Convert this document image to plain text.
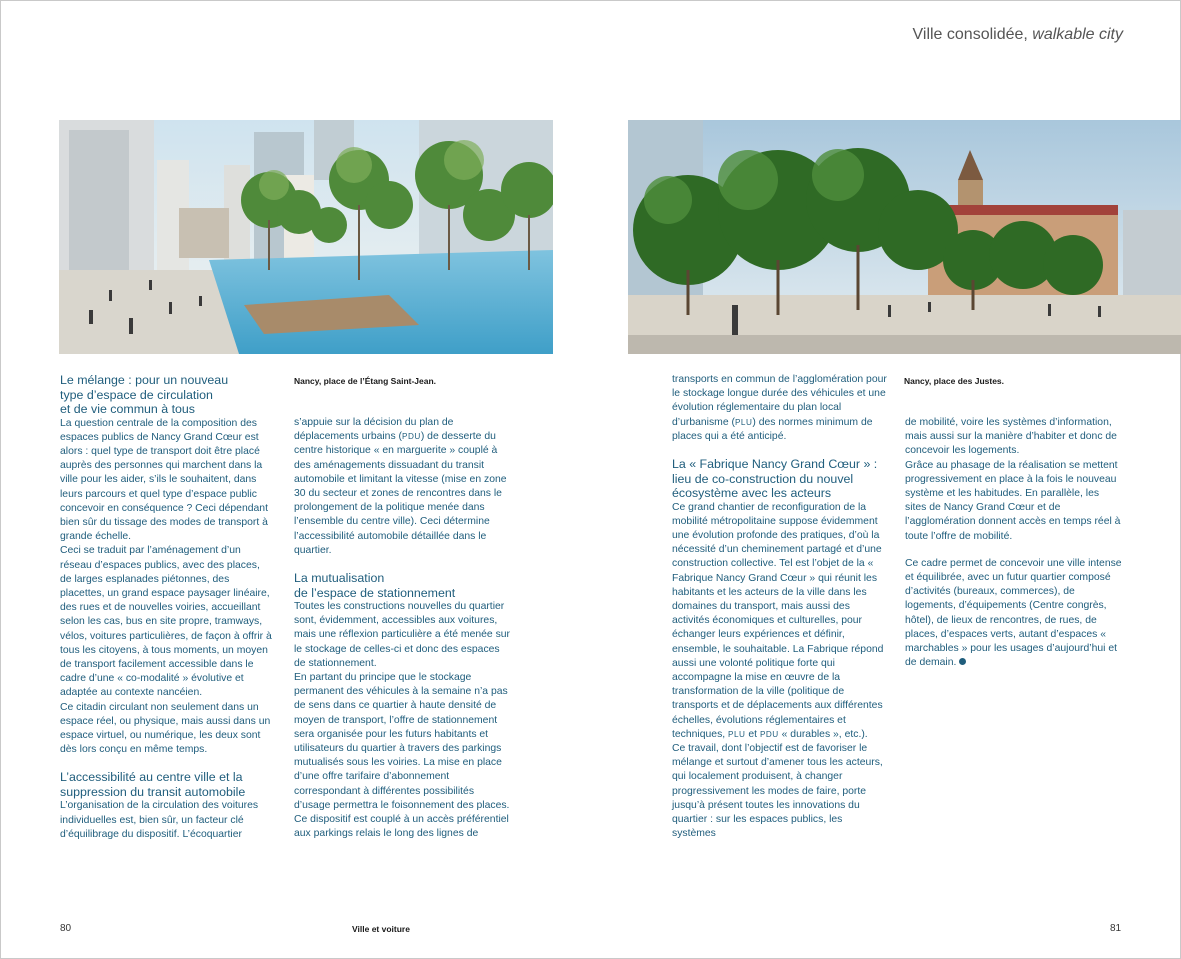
Ville consolidée, walkable city
Nancy, place de l’Étang Saint-Jean.	Nancy, place des Justes.
Le mélange : pour un nouveau
type d’espace de circulation
et de vie commun à tous

La question centrale de la composition des espaces publics de Nancy Grand Cœur est alors : quel type de transport doit être placé auprès des personnes qui marchent dans la ville pour les aider, s’ils le souhaitent, dans leurs parcours et quel type d’espace public concevoir en conséquence ? Ceci dépendant bien sûr du tissage des modes de transport à grande échelle.

Ceci se traduit par l’aménagement d’un réseau d’espaces publics, avec des places, de larges esplanades piétonnes, des placettes, un grand espace paysager linéaire, des rues et de nouvelles voiries, accueillant selon les cas, bus en site propre, tramways, vélos, voitures particulières, de façon à offrir à tous les citoyens, à tous moments, un moyen de transport facilement accessible dans le cadre d’une « co-modalité » évolutive et adaptée au contexte nancéien.

Ce citadin circulant non seulement dans un espace réel, ou physique, mais aussi dans un espace virtuel, ou numérique, les deux sont dès lors conçu en même temps.

L’accessibilité au centre ville et la
suppression du transit automobile

L’organisation de la circulation des voitures individuelles est, bien sûr, un facteur clé d’équilibrage du dispositif. L’écoquartier

s’appuie sur la décision du plan de déplacements urbains (PDU) de desserte du centre historique « en marguerite » couplé à des aménagements dissuadant du transit automobile et limitant la vitesse (mise en zone 30 du secteur et zones de rencontres dans le prolongement de la politique menée dans l’ensemble du centre ville). Ceci détermine l’accessibilité automobile détaillée dans le quartier.

La mutualisation
de l’espace de stationnement

Toutes les constructions nouvelles du quartier sont, évidemment, accessibles aux voitures, mais une réflexion particulière a été menée sur le stockage de celles-ci et donc des espaces de stationnement.

En partant du principe que le stockage permanent des véhicules à la semaine n’a pas de sens dans ce quartier à haute densité de moyen de transport, l’offre de stationnement sera organisée pour les futurs habitants et utilisateurs du quartier à travers des parkings mutualisés sous les voiries. La mise en place d’une offre tarifaire d’abonnement correspondant à différentes possibilités d’usage permettra le foisonnement des places. Ce dispositif est couplé à un accès préférentiel aux parkings relais le long des lignes de

transports en commun de l’agglomération pour le stockage longue durée des véhicules et une évolution réglementaire du plan local d’urbanisme (PLU) des normes minimum de places qui a été anticipé.

La « Fabrique Nancy Grand Cœur » :
lieu de co-construction du nouvel
écosystème avec les acteurs

Ce grand chantier de reconfiguration de la mobilité métropolitaine suppose évidemment une évolution profonde des pratiques, d’où la nécessité d’un cheminement partagé et d’une construction collective. Tel est l’objet de la « Fabrique Nancy Grand Cœur » qui réunit les habitants et les acteurs de la ville dans les domaines du transport, mais aussi des activités économiques et culturelles, pour échanger leurs expériences et définir, ensemble, le souhaitable. La Fabrique répond aussi une volonté politique forte qui accompagne la mise en œuvre de la transformation de la ville (politique de transports et de déplacements aux différentes échelles, évolutions réglementaires et techniques, PLU et PDU « durables », etc.).

Ce travail, dont l’objectif est de favoriser le mélange et surtout d’amener tous les acteurs, qui localement produisent, à changer progressivement les modes de faire, porte jusqu’à présent toutes les innovations du quartier : sur les espaces publics, les systèmes

de mobilité, voire les systèmes d’information, mais aussi sur la manière d’habiter et donc de concevoir les logements.

Grâce au phasage de la réalisation se mettent progressivement en place à la fois le nouveau système et les habitudes. En parallèle, les sites de Nancy Grand Cœur et de l’agglomération donnent accès en temps réel à toute l’offre de mobilité.

Ce cadre permet de concevoir une ville intense et équilibrée, avec un futur quartier composé d’activités (bureaux, commerces), de logements, d’équipements (Centre congrès, hôtel), de lieux de rencontres, de rues, de places, d’espaces verts, autant d’espaces « marchables » pour les usages d’aujourd’hui et de demain.

80	Ville et voiture	81
